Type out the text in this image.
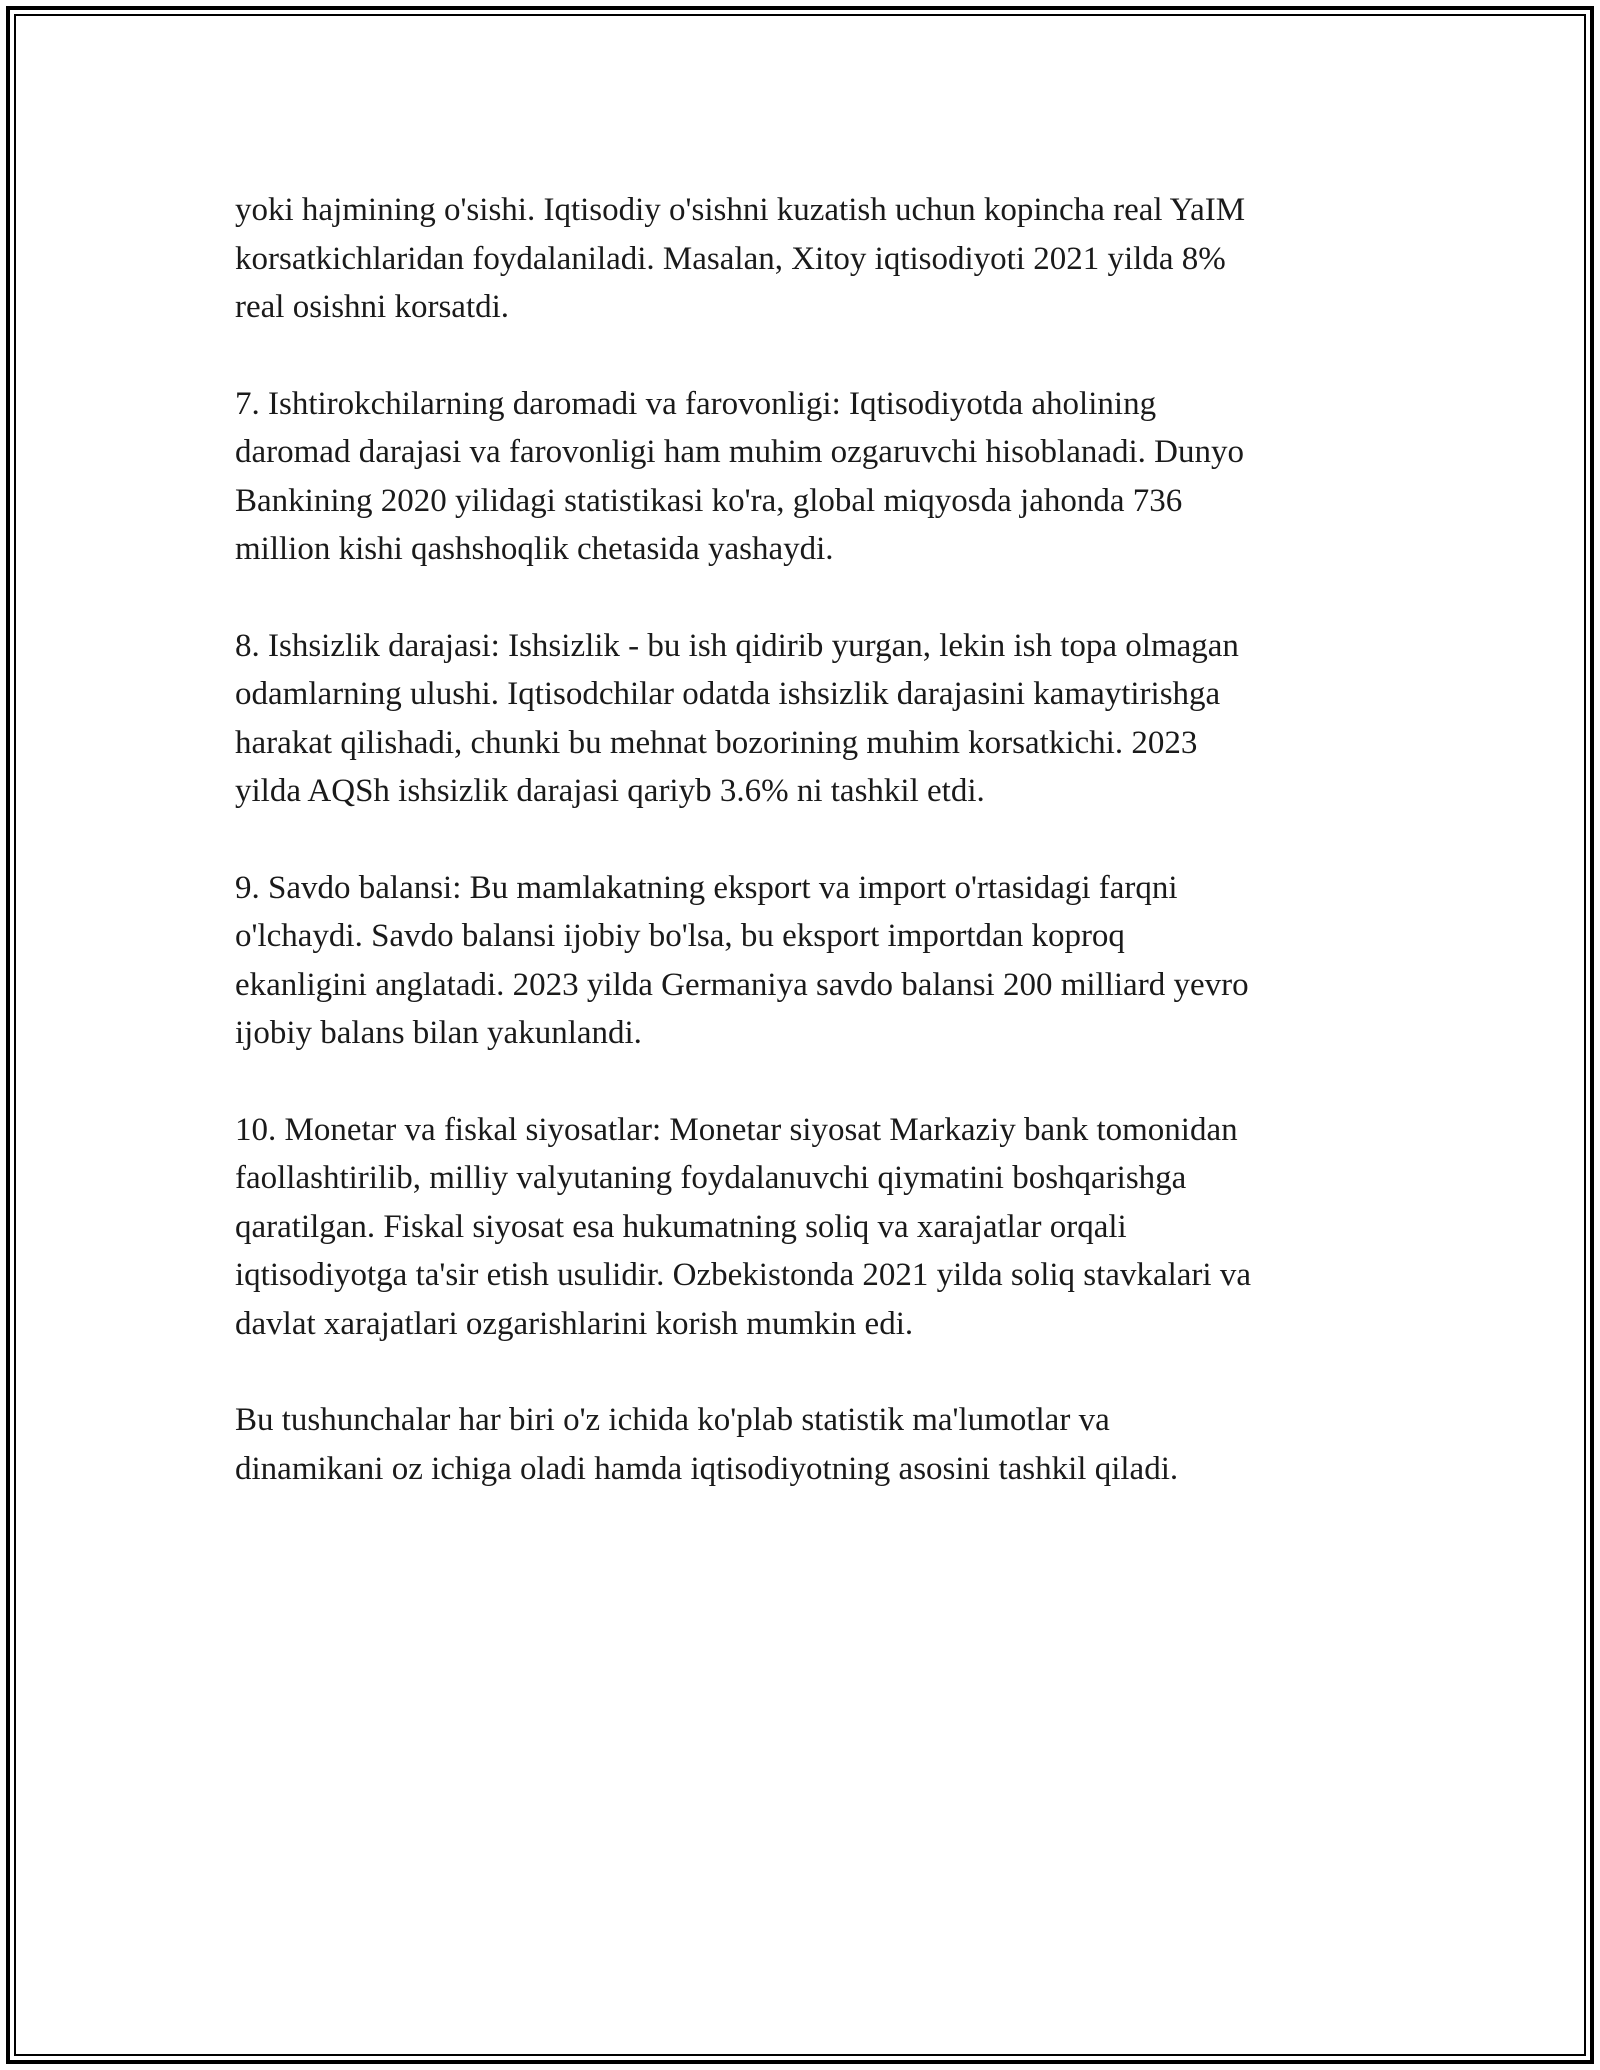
yoki hajmining o'sishi. Iqtisodiy o'sishni kuzatish uchun kopincha real YaIM
korsatkichlaridan foydalaniladi. Masalan, Xitoy iqtisodiyoti 2021 yilda 8%
real osishni korsatdi.

7. Ishtirokchilarning daromadi va farovonligi: Iqtisodiyotda aholining
daromad darajasi va farovonligi ham muhim ozgaruvchi hisoblanadi. Dunyo
Bankining 2020 yilidagi statistikasi ko'ra, global miqyosda jahonda 736
million kishi qashshoqlik chetasida yashaydi.

8. Ishsizlik darajasi: Ishsizlik - bu ish qidirib yurgan, lekin ish topa olmagan
odamlarning ulushi. Iqtisodchilar odatda ishsizlik darajasini kamaytirishga
harakat qilishadi, chunki bu mehnat bozorining muhim korsatkichi. 2023
yilda AQSh ishsizlik darajasi qariyb 3.6% ni tashkil etdi.

9. Savdo balansi: Bu mamlakatning eksport va import o'rtasidagi farqni
o'lchaydi. Savdo balansi ijobiy bo'lsa, bu eksport importdan koproq
ekanligini anglatadi. 2023 yilda Germaniya savdo balansi 200 milliard yevro
ijobiy balans bilan yakunlandi.

10. Monetar va fiskal siyosatlar: Monetar siyosat Markaziy bank tomonidan
faollashtirilib, milliy valyutaning foydalanuvchi qiymatini boshqarishga
qaratilgan. Fiskal siyosat esa hukumatning soliq va xarajatlar orqali
iqtisodiyotga ta'sir etish usulidir. Ozbekistonda 2021 yilda soliq stavkalari va
davlat xarajatlari ozgarishlarini korish mumkin edi.

Bu tushunchalar har biri o'z ichida ko'plab statistik ma'lumotlar va
dinamikani oz ichiga oladi hamda iqtisodiyotning asosini tashkil qiladi.
